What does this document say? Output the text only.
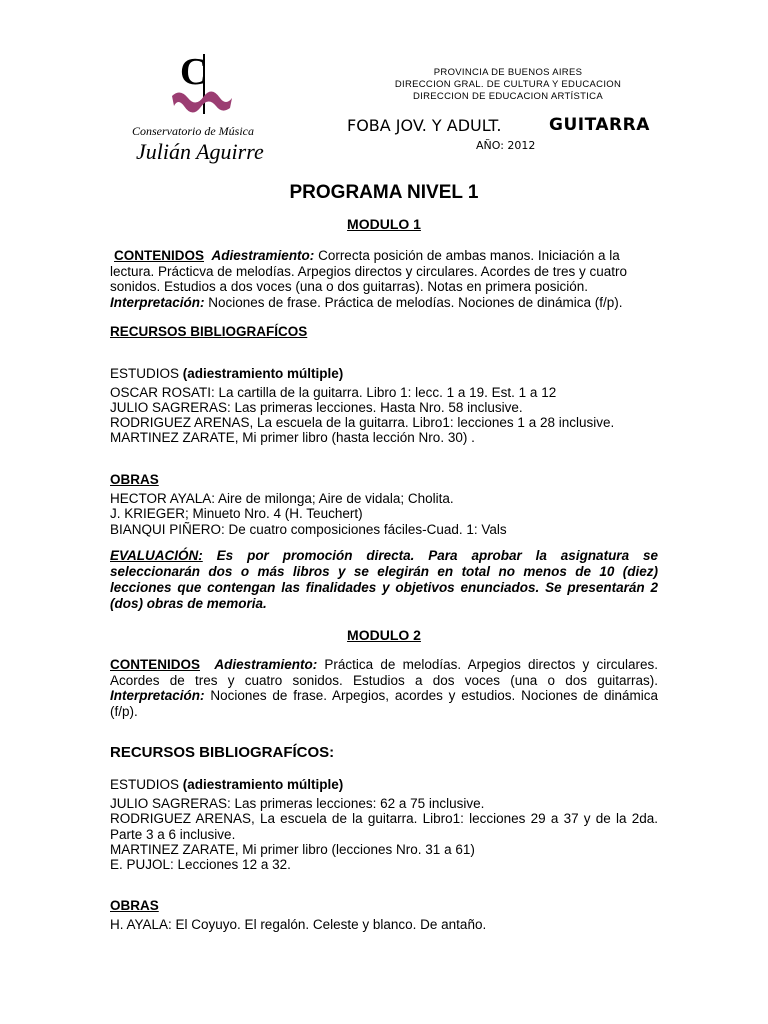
C
Conservatorio de Música
Julián Aguirre
PROVINCIA DE BUENOS AIRES
DIRECCION GRAL. DE CULTURA Y EDUCACION
DIRECCION DE EDUCACION ARTÍSTICA
FOBA JOV. Y ADULT.	GUITARRA
AÑO: 2012
PROGRAMA NIVEL 1
MODULO 1
CONTENIDOS Adiestramiento: Correcta posición de ambas manos. Iniciación a la
lectura. Prácticva de melodías. Arpegios directos y circulares. Acordes de tres y cuatro
sonidos. Estudios a dos voces (una o dos guitarras). Notas en primera posición.
Interpretación: Nociones de frase. Práctica de melodías. Nociones de dinámica (f/p).
RECURSOS BIBLIOGRAFÍCOS
ESTUDIOS (adiestramiento múltiple)
OSCAR ROSATI: La cartilla de la guitarra. Libro 1: lecc. 1 a 19. Est. 1 a 12
JULIO SAGRERAS: Las primeras lecciones. Hasta Nro. 58 inclusive.
RODRIGUEZ ARENAS, La escuela de la guitarra. Libro1: lecciones 1 a 28 inclusive.
MARTINEZ ZARATE, Mi primer libro (hasta lección Nro. 30) .
OBRAS
HECTOR AYALA: Aire de milonga; Aire de vidala; Cholita.
J. KRIEGER; Minueto Nro. 4 (H. Teuchert)
BIANQUI PIÑERO: De cuatro composiciones fáciles-Cuad. 1: Vals
EVALUACIÓN: Es por promoción directa. Para aprobar la asignatura se seleccionarán dos o más libros y se elegirán en total no menos de 10 (diez) lecciones que contengan las finalidades y objetivos enunciados. Se presentarán 2 (dos) obras de memoria.
MODULO 2
CONTENIDOS Adiestramiento: Práctica de melodías. Arpegios directos y circulares. Acordes de tres y cuatro sonidos. Estudios a dos voces (una o dos guitarras). Interpretación: Nociones de frase. Arpegios, acordes y estudios. Nociones de dinámica (f/p).
RECURSOS BIBLIOGRAFÍCOS:
ESTUDIOS (adiestramiento múltiple)
JULIO SAGRERAS: Las primeras lecciones: 62 a 75 inclusive.
RODRIGUEZ ARENAS, La escuela de la guitarra. Libro1: lecciones 29 a 37 y de la 2da. Parte 3 a 6 inclusive.
MARTINEZ ZARATE, Mi primer libro (lecciones Nro. 31 a 61)
E. PUJOL: Lecciones 12 a 32.
OBRAS
H. AYALA: El Coyuyo. El regalón. Celeste y blanco. De antaño.
